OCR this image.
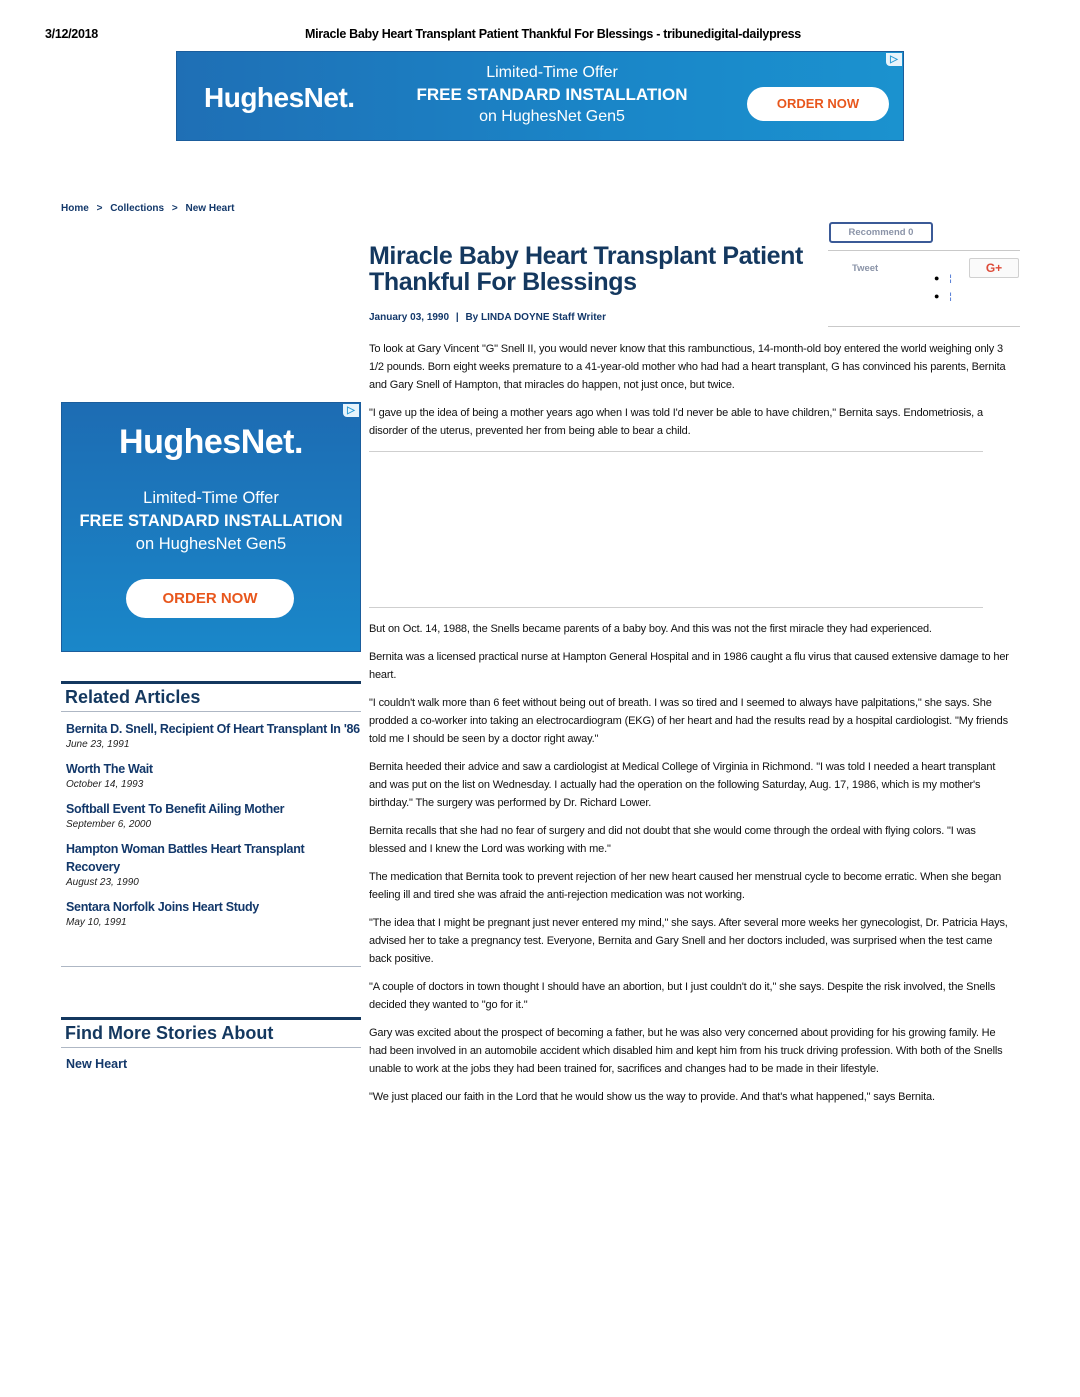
3/12/2018	Miracle Baby Heart Transplant Patient Thankful For Blessings - tribunedigital-dailypress
▷
HughesNet.
Limited-Time Offer
FREE STANDARD INSTALLATION
on HughesNet Gen5
ORDER NOW
Home > Collections > New Heart
Recommend 0
Tweet
● ¦
● ¦
G+
Miracle Baby Heart Transplant Patient Thankful For Blessings
January 03, 1990 | By LINDA DOYNE Staff Writer

To look at Gary Vincent "G" Snell II, you would never know that this rambunctious, 14-month-old boy entered the world weighing only 3 1/2 pounds. Born eight weeks premature to a 41-year-old mother who had had a heart transplant, G has convinced his parents, Bernita and Gary Snell of Hampton, that miracles do happen, not just once, but twice.

"I gave up the idea of being a mother years ago when I was told I'd never be able to have children," Bernita says. Endometriosis, a disorder of the uterus, prevented her from being able to bear a child.

But on Oct. 14, 1988, the Snells became parents of a baby boy. And this was not the first miracle they had experienced.

Bernita was a licensed practical nurse at Hampton General Hospital and in 1986 caught a flu virus that caused extensive damage to her heart.

"I couldn't walk more than 6 feet without being out of breath. I was so tired and I seemed to always have palpitations," she says. She prodded a co-worker into taking an electrocardiogram (EKG) of her heart and had the results read by a hospital cardiologist. "My friends told me I should be seen by a doctor right away."

Bernita heeded their advice and saw a cardiologist at Medical College of Virginia in Richmond. "I was told I needed a heart transplant and was put on the list on Wednesday. I actually had the operation on the following Saturday, Aug. 17, 1986, which is my mother's birthday." The surgery was performed by Dr. Richard Lower.

Bernita recalls that she had no fear of surgery and did not doubt that she would come through the ordeal with flying colors. "I was blessed and I knew the Lord was working with me."

The medication that Bernita took to prevent rejection of her new heart caused her menstrual cycle to become erratic. When she began feeling ill and tired she was afraid the anti-rejection medication was not working.

"The idea that I might be pregnant just never entered my mind," she says. After several more weeks her gynecologist, Dr. Patricia Hays, advised her to take a pregnancy test. Everyone, Bernita and Gary Snell and her doctors included, was surprised when the test came back positive.

"A couple of doctors in town thought I should have an abortion, but I just couldn't do it," she says. Despite the risk involved, the Snells decided they wanted to "go for it."

Gary was excited about the prospect of becoming a father, but he was also very concerned about providing for his growing family. He had been involved in an automobile accident which disabled him and kept him from his truck driving profession. With both of the Snells unable to work at the jobs they had been trained for, sacrifices and changes had to be made in their lifestyle.

"We just placed our faith in the Lord that he would show us the way to provide. And that's what happened," says Bernita.

▷
HughesNet.
Limited-Time Offer
FREE STANDARD INSTALLATION
on HughesNet Gen5
ORDER NOW
Related Articles
Bernita D. Snell, Recipient Of Heart Transplant In '86
June 23, 1991
Worth The Wait
October 14, 1993
Softball Event To Benefit Ailing Mother
September 6, 2000
Hampton Woman Battles Heart Transplant Recovery
August 23, 1990
Sentara Norfolk Joins Heart Study
May 10, 1991
Find More Stories About
New Heart
